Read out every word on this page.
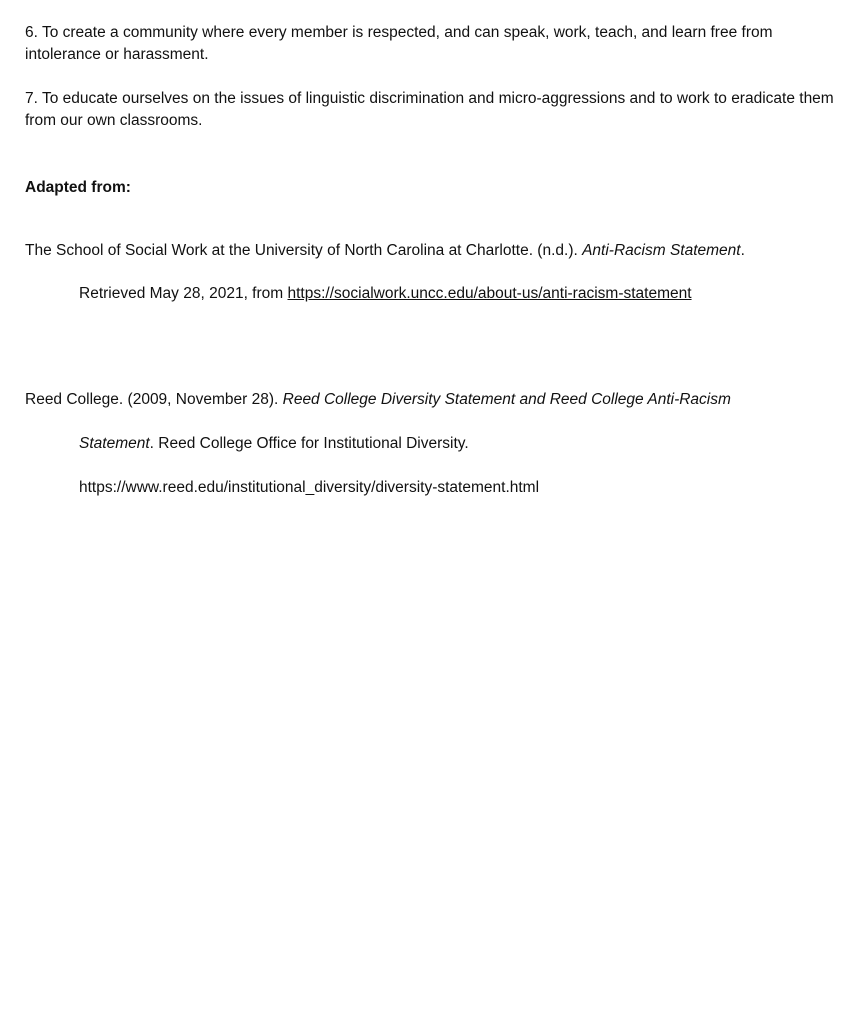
6. To create a community where every member is respected, and can speak, work, teach, and learn free from intolerance or harassment.

7. To educate ourselves on the issues of linguistic discrimination and micro-aggressions and to work to eradicate them from our own classrooms.

Adapted from:

The School of Social Work at the University of North Carolina at Charlotte. (n.d.). Anti-Racism Statement.

Retrieved May 28, 2021, from https://socialwork.uncc.edu/about-us/anti-racism-statement

Reed College. (2009, November 28). Reed College Diversity Statement and Reed College Anti-Racism

Statement. Reed College Office for Institutional Diversity.

https://www.reed.edu/institutional_diversity/diversity-statement.html
